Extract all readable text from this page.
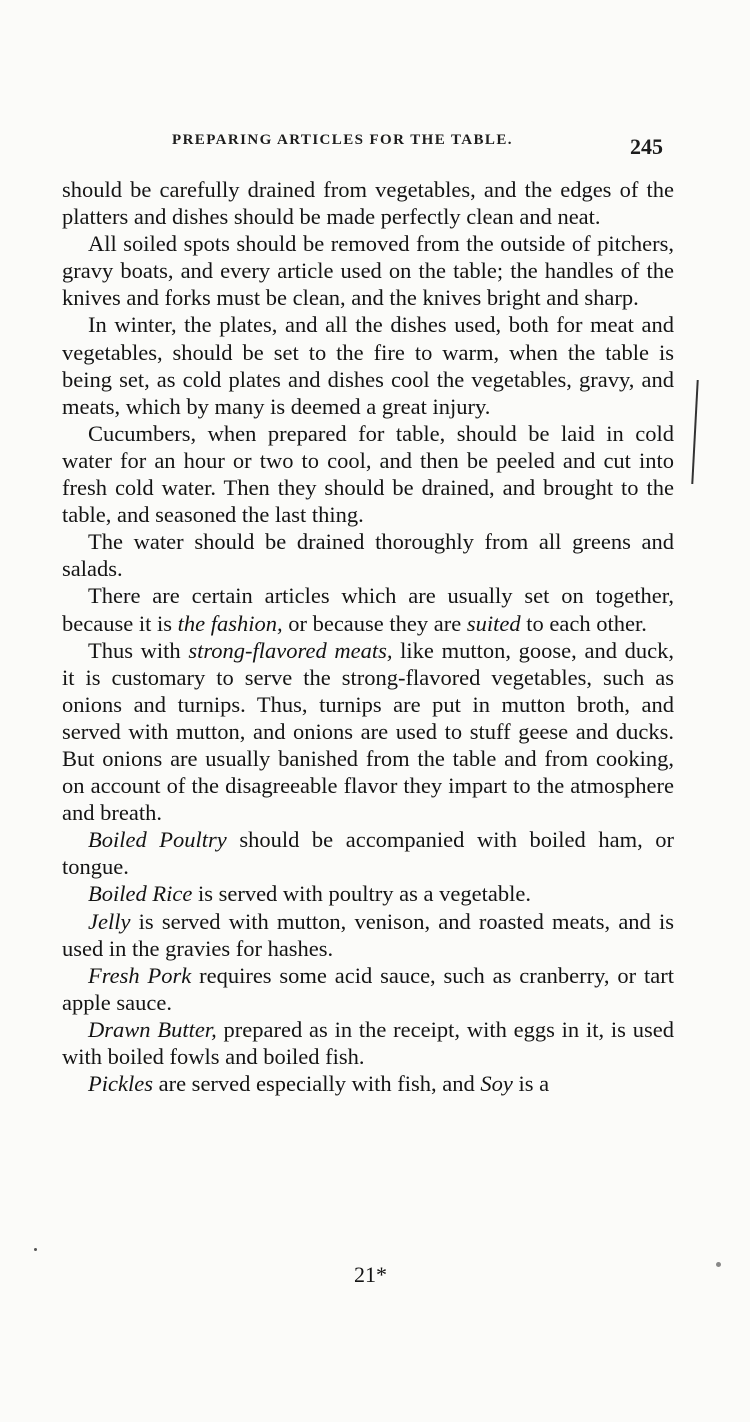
PREPARING ARTICLES FOR THE TABLE.	245

should be carefully drained from vegetables, and the edges of the platters and dishes should be made perfectly clean and neat.

All soiled spots should be removed from the outside of pitchers, gravy boats, and every article used on the table; the handles of the knives and forks must be clean, and the knives bright and sharp.

In winter, the plates, and all the dishes used, both for meat and vegetables, should be set to the fire to warm, when the table is being set, as cold plates and dishes cool the vegetables, gravy, and meats, which by many is deemed a great injury.

Cucumbers, when prepared for table, should be laid in cold water for an hour or two to cool, and then be peeled and cut into fresh cold water. Then they should be drained, and brought to the table, and seasoned the last thing.

The water should be drained thoroughly from all greens and salads.

There are certain articles which are usually set on together, because it is the fashion, or because they are suited to each other.

Thus with strong-flavored meats, like mutton, goose, and duck, it is customary to serve the strong-flavored vegetables, such as onions and turnips. Thus, turnips are put in mutton broth, and served with mutton, and onions are used to stuff geese and ducks. But onions are usually banished from the table and from cooking, on account of the disagreeable flavor they impart to the atmosphere and breath.

Boiled Poultry should be accompanied with boiled ham, or tongue.

Boiled Rice is served with poultry as a vegetable.

Jelly is served with mutton, venison, and roasted meats, and is used in the gravies for hashes.

Fresh Pork requires some acid sauce, such as cranberry, or tart apple sauce.

Drawn Butter, prepared as in the receipt, with eggs in it, is used with boiled fowls and boiled fish.

Pickles are served especially with fish, and Soy is a

21*
